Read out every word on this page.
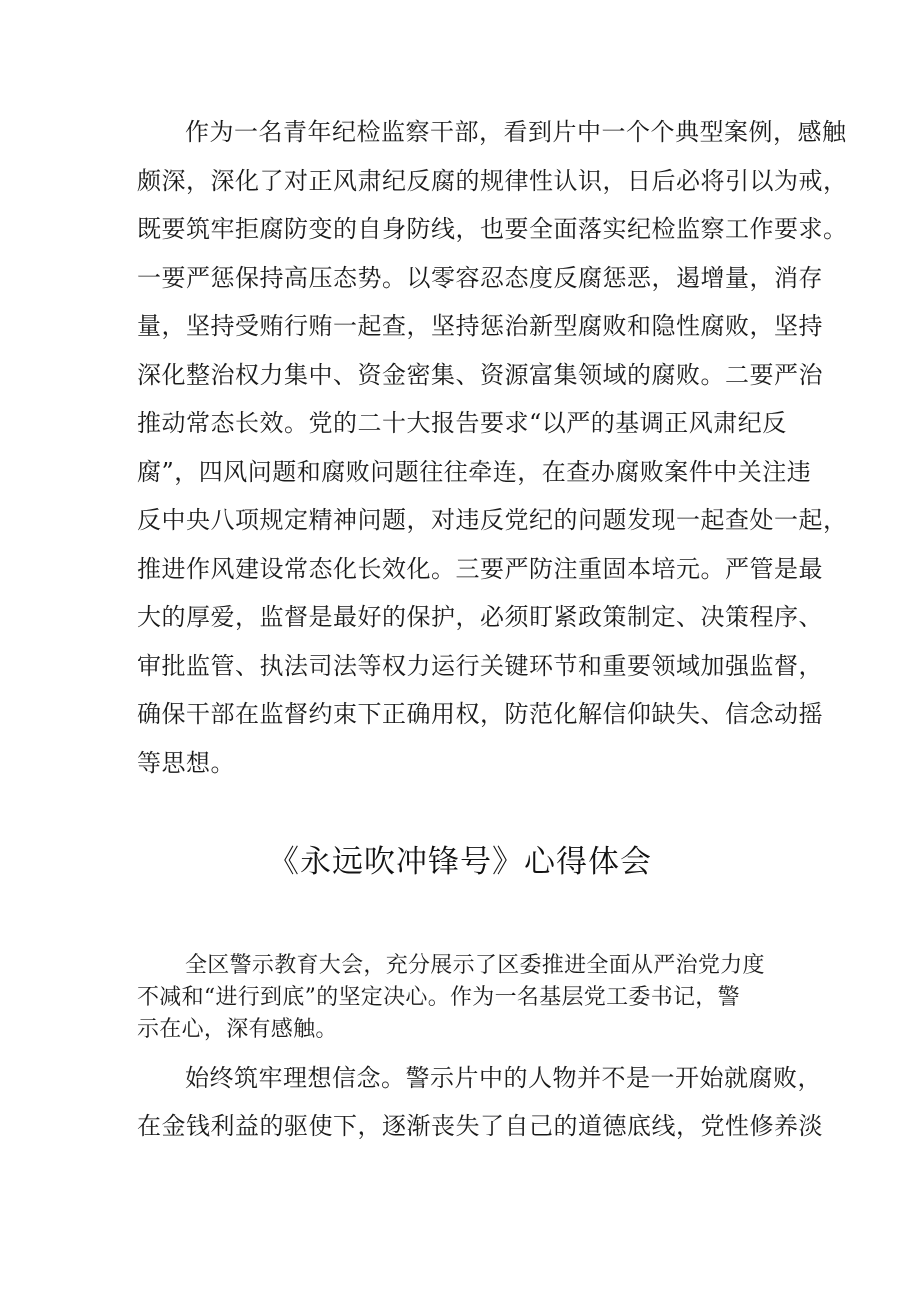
作为一名青年纪检监察干部，看到片中一个个典型案例，感触
颇深，深化了对正风肃纪反腐的规律性认识，日后必将引以为戒，
既要筑牢拒腐防变的自身防线，也要全面落实纪检监察工作要求。
一要严惩保持高压态势。以零容忍态度反腐惩恶，遏增量，消存
量，坚持受贿行贿一起查，坚持惩治新型腐败和隐性腐败，坚持
深化整治权力集中、资金密集、资源富集领域的腐败。二要严治
推动常态长效。党的二十大报告要求“以严的基调正风肃纪反
腐”，四风问题和腐败问题往往牵连，在查办腐败案件中关注违
反中央八项规定精神问题，对违反党纪的问题发现一起查处一起，
推进作风建设常态化长效化。三要严防注重固本培元。严管是最
大的厚爱，监督是最好的保护，必须盯紧政策制定、决策程序、
审批监管、执法司法等权力运行关键环节和重要领域加强监督，
确保干部在监督约束下正确用权，防范化解信仰缺失、信念动摇
等思想。
《永远吹冲锋号》心得体会
全区警示教育大会，充分展示了区委推进全面从严治党力度
不减和“进行到底”的坚定决心。作为一名基层党工委书记，警
示在心，深有感触。
始终筑牢理想信念。警示片中的人物并不是一开始就腐败，
在金钱利益的驱使下，逐渐丧失了自己的道德底线，党性修养淡
